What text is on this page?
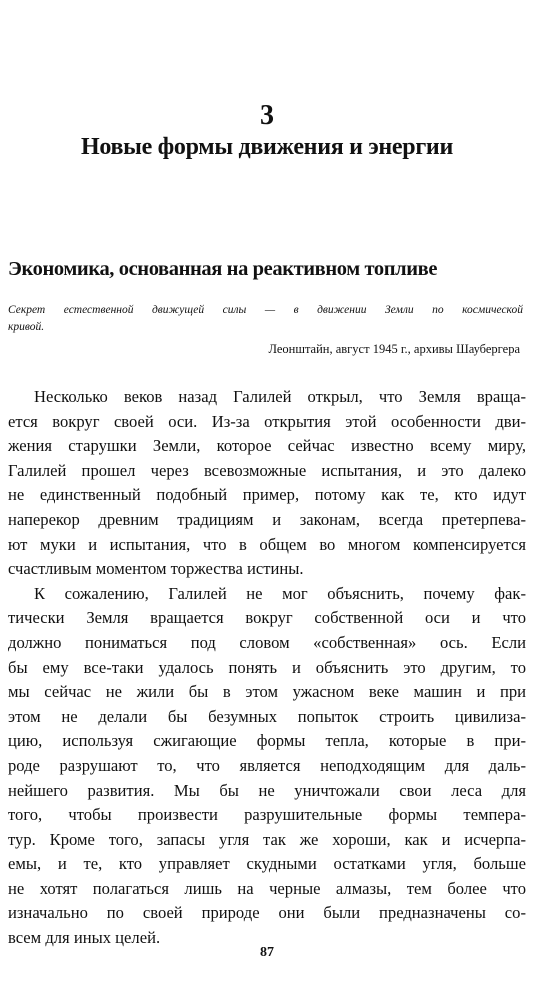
3
Новые формы движения и энергии
Экономика, основанная на реактивном топливе
Секрет естественной движущей силы — в движении Земли по космической
кривой.
Леонштайн, август 1945 г., архивы Шаубергера
Несколько веков назад Галилей открыл, что Земля враща-
ется вокруг своей оси. Из-за открытия этой особенности дви-
жения старушки Земли, которое сейчас известно всему миру,
Галилей прошел через всевозможные испытания, и это далеко
не единственный подобный пример, потому как те, кто идут
наперекор древним традициям и законам, всегда претерпева-
ют муки и испытания, что в общем во многом компенсируется
счастливым моментом торжества истины.
К сожалению, Галилей не мог объяснить, почему фак-
тически Земля вращается вокруг собственной оси и что
должно пониматься под словом «собственная» ось. Если
бы ему все-таки удалось понять и объяснить это другим, то
мы сейчас не жили бы в этом ужасном веке машин и при
этом не делали бы безумных попыток строить цивилиза-
цию, используя сжигающие формы тепла, которые в при-
роде разрушают то, что является неподходящим для даль-
нейшего развития. Мы бы не уничтожали свои леса для
того, чтобы произвести разрушительные формы темпера-
тур. Кроме того, запасы угля так же хороши, как и исчерпа-
емы, и те, кто управляет скудными остатками угля, больше
не хотят полагаться лишь на черные алмазы, тем более что
изначально по своей природе они были предназначены со-
всем для иных целей.
87
